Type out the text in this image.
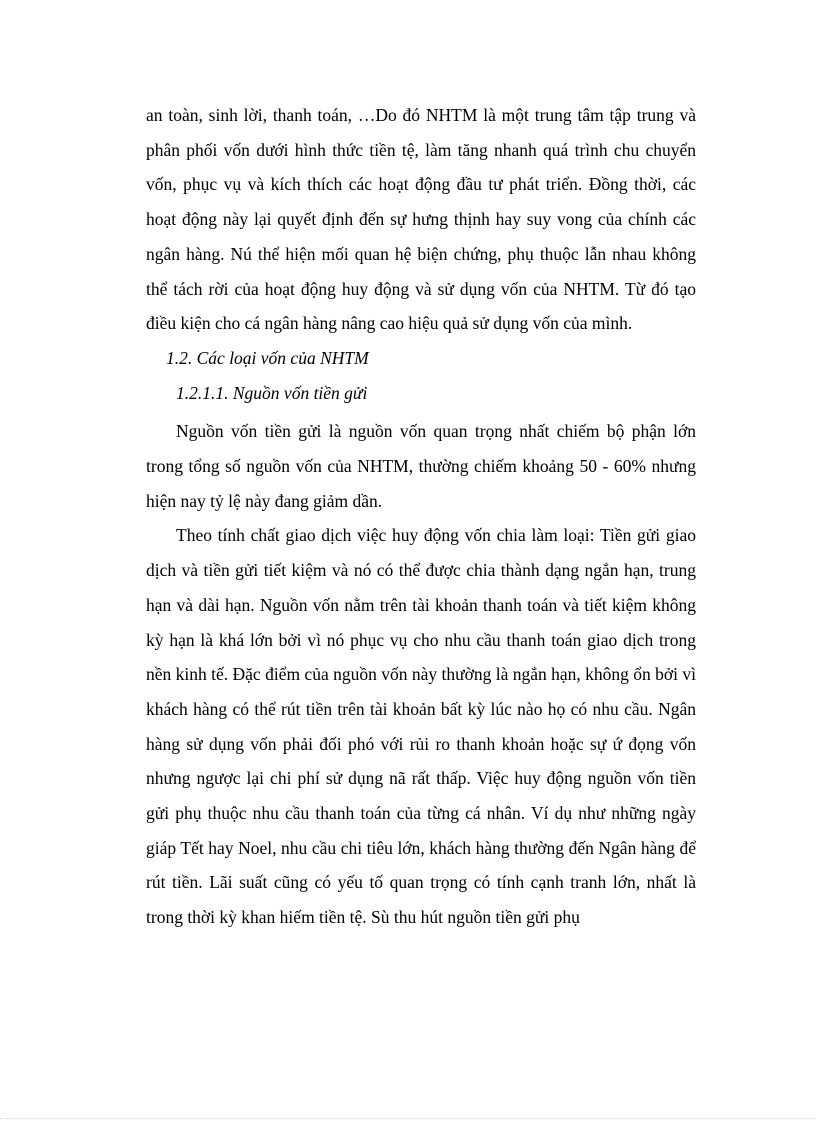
an toàn, sinh lời, thanh toán, …Do đó NHTM là một trung tâm tập trung và phân phối vốn dưới hình thức tiền tệ, làm tăng nhanh quá trình chu chuyển vốn, phục vụ và kích thích các hoạt động đầu tư phát triển. Đồng thời, các hoạt động này lại quyết định đến sự hưng thịnh hay suy vong của chính các ngân hàng. Nú thể hiện mối quan hệ biện chứng, phụ thuộc lẫn nhau không thể tách rời của hoạt động huy động và sử dụng vốn của NHTM. Từ đó tạo điều kiện cho cá ngân hàng nâng cao hiệu quả sử dụng vốn của mình.

1.2. Các loại vốn của NHTM

1.2.1.1. Nguồn vốn tiền gửi

Nguồn vốn tiền gửi là nguồn vốn quan trọng nhất chiếm bộ phận lớn trong tổng số nguồn vốn của NHTM, thường chiếm khoảng 50 - 60% nhưng hiện nay tỷ lệ này đang giảm dần.

Theo tính chất giao dịch việc huy động vốn chia làm loại: Tiền gửi giao dịch và tiền gửi tiết kiệm và nó có thể được chia thành dạng ngắn hạn, trung hạn và dài hạn. Nguồn vốn nằm trên tài khoản thanh toán và tiết kiệm không kỳ hạn là khá lớn bởi vì nó phục vụ cho nhu cầu thanh toán giao dịch trong nền kinh tế. Đặc điểm của nguồn vốn này thường là ngắn hạn, không ổn bởi vì khách hàng có thể rút tiền trên tài khoản bất kỳ lúc nào họ có nhu cầu. Ngân hàng sử dụng vốn phải đối phó với rủi ro thanh khoản hoặc sự ứ đọng vốn nhưng ngược lại chi phí sử dụng nã rất thấp. Việc huy động nguồn vốn tiền gửi phụ thuộc nhu cầu thanh toán của từng cá nhân. Ví dụ như những ngày giáp Tết hay Noel, nhu cầu chi tiêu lớn, khách hàng thường đến Ngân hàng để rút tiền. Lãi suất cũng có yếu tố quan trọng có tính cạnh tranh lớn, nhất là trong thời kỳ khan hiếm tiền tệ. Sù thu hút nguồn tiền gửi phụ
